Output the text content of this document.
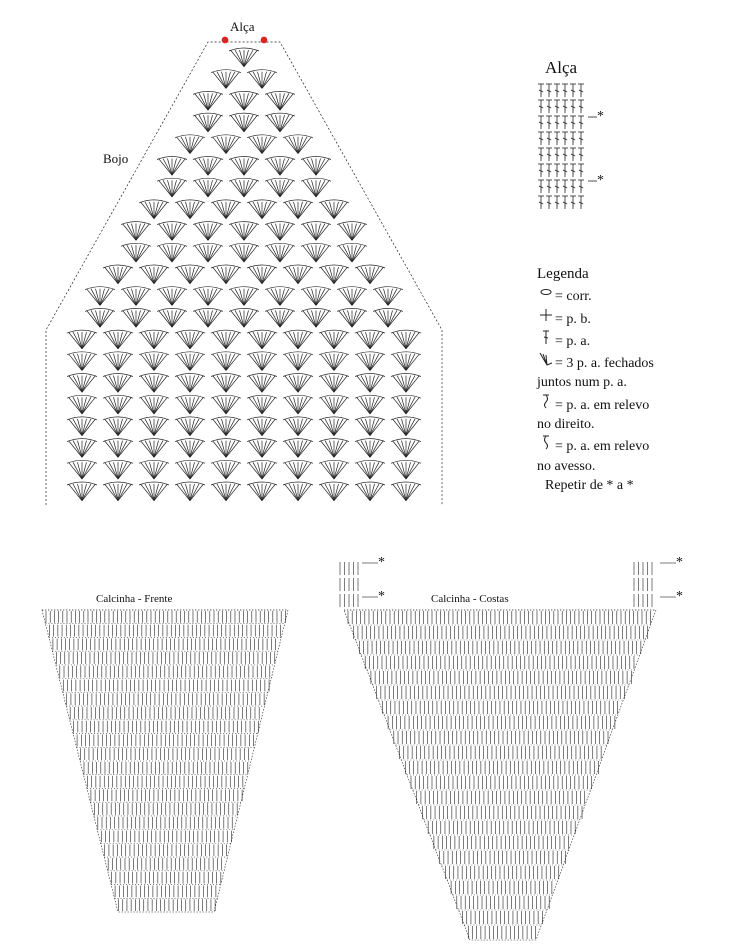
Alça
Bojo
Alça
*
*
Legenda
= corr.
= p. b.
= p. a.
= 3 p. a. fechados
juntos num p. a.
= p. a. em relevo
no direito.
= p. a. em relevo
no avesso.
Repetir de * a *
Calcinha - Frente	Calcinha - Costas
*
*
*
*
